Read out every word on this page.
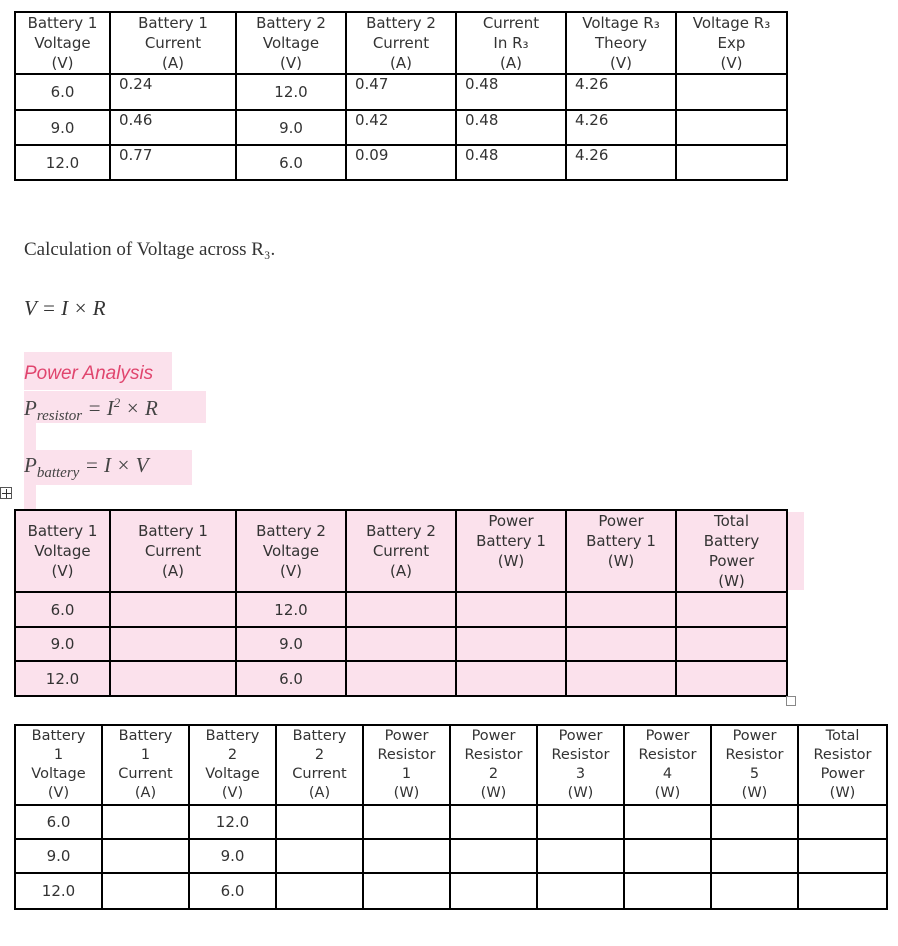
Battery 1
Voltage
(V)	Battery 1
Current
(A)	Battery 2
Voltage
(V)	Battery 2
Current
(A)	Current
In R₃
(A)	Voltage R₃
Theory
(V)	Voltage R₃
Exp
(V)
6.0	0.24	12.0	0.47	0.48	4.26	
9.0	0.46	9.0	0.42	0.48	4.26	
12.0	0.77	6.0	0.09	0.48	4.26	
Calculation of Voltage across R₃.
V = I × R
Power Analysis
$P_{resistor} = I^2 \times R$
$P_{battery} = I \times V$
Battery 1
Voltage
(V)	Battery 1
Current
(A)	Battery 2
Voltage
(V)	Battery 2
Current
(A)	Power
Battery 1
(W)	Power
Battery 1
(W)	Total
Battery
Power
(W)
6.0		12.0				
9.0		9.0				
12.0		6.0				
Battery
1
Voltage
(V)	Battery
1
Current
(A)	Battery
2
Voltage
(V)	Battery
2
Current
(A)	Power
Resistor
1
(W)	Power
Resistor
2
(W)	Power
Resistor
3
(W)	Power
Resistor
4
(W)	Power
Resistor
5
(W)	Total
Resistor
Power
(W)
6.0		12.0							
9.0		9.0							
12.0		6.0							
